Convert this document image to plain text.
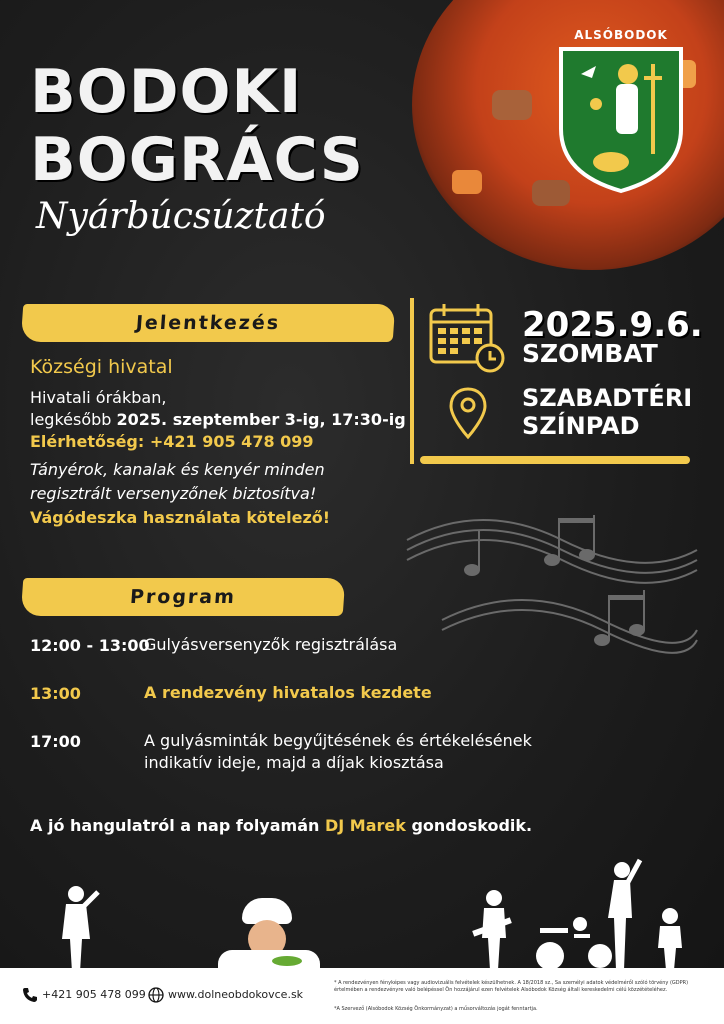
ALSÓBODOK
BODOKI
BOGRÁCS
Nyárbúcsúztató
2025.9.6.
SZOMBAT
SZABADTÉRI
SZÍNPAD
Jelentkezés
Községi hivatal
Hivatali órákban,
legkésőbb 2025. szeptember 3-ig, 17:30-ig
Elérhetőség: +421 905 478 099
Tányérok, kanalak és kenyér minden
regisztrált versenyzőnek biztosítva!
Vágódeszka használata kötelező!
Program
12:00 - 13:00
Gulyásversenyzők regisztrálása
13:00	A rendezvény hivatalos kezdete
17:00	A gulyásminták begyűjtésének és értékelésének
indikatív ideje, majd a díjak kiosztása
A jó hangulatról a nap folyamán DJ Marek gondoskodik.
+421 905 478 099 www.dolneobdokovce.sk
* A rendezvényen fényképes vagy audiovizuális felvételek készülhetnek. A 18/2018 sz., Sa személyi adatok védelméről szóló törvény (GDPR) értelmében a rendezvényre való belépéssel Ön hozzájárul ezen felvételek Alsóbodok Község általi kereskedelmi célú közzétételéhez.
*A Szervező (Alsóbodok Község Önkormányzat) a műsorváltozás jogát fenntartja.
